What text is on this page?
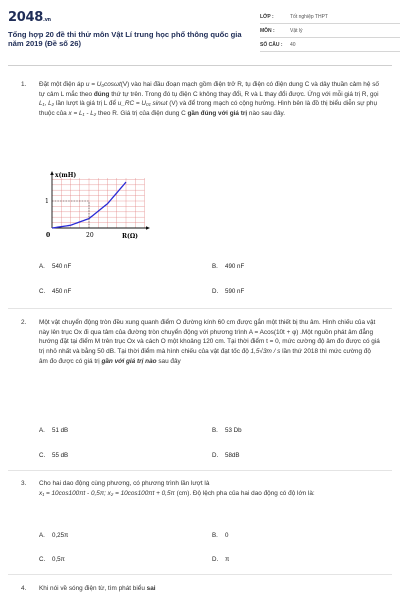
2048.vn
Tổng hợp 20 đề thi thử môn Vật Lí trung học phổ thông quốc gia năm 2019 (Đề số 26)
LỚP :	Tốt nghiệp THPT
MÔN :	Vật lý
SỐ CÂU :	40
1. Đặt một điện áp u = U₀cosωt(V) vào hai đầu đoạn mạch gồm điện trở R, tụ điện có điện dung C và dây thuần cảm hệ số tự cảm L mắc theo đúng thứ tự trên. Trong đó tụ điện C không thay đổi, R và L thay đổi được. Ứng với mỗi giá trị R, gọi L₁, L₂ lần lượt là giá trị L để u_RC = U₀₁ sinωt (V) và để trong mạch có cộng hưởng. Hình bên là đồ thị biểu diễn sự phụ thuộc của x = L₁ - L₂ theo R. Giá trị của điện dung C gần đúng với giá trị nào sau đây.
x(mH)
R(Ω)
0	20
1
A. 540 nF	B. 490 nF
C. 450 nF	D. 590 nF
2. Một vật chuyển động tròn đều xung quanh điểm O đường kính 60 cm được gắn một thiết bị thu âm. Hình chiếu của vật này lên trục Ox đi qua tâm của đường tròn chuyển động với phương trình A = Acos(10t + φ) .Một nguồn phát âm đẳng hướng đặt tại điểm M trên trục Ox và cách O một khoảng 120 cm. Tại thời điểm t = 0, mức cường độ âm đo được có giá trị nhỏ nhất và bằng 50 dB. Tại thời điểm mà hình chiếu của vật đạt tốc độ 1,5√3m / s lần thứ 2018 thì mức cường độ âm đo được có giá trị gần với giá trị nào sau đây
A. 51 dB	B. 53 Db
C. 55 dB	D. 58dB
3. Cho hai dao động cùng phương, có phương trình lần lượt là
x₁ = 10cos100πt - 0,5π; x₂ = 10cos100πt + 0,5π (cm). Độ lệch pha của hai dao động có độ lớn là:
A. 0,25π	B. 0
C. 0,5π	D. π
4. Khi nói về sóng điện từ, tìm phát biểu sai
